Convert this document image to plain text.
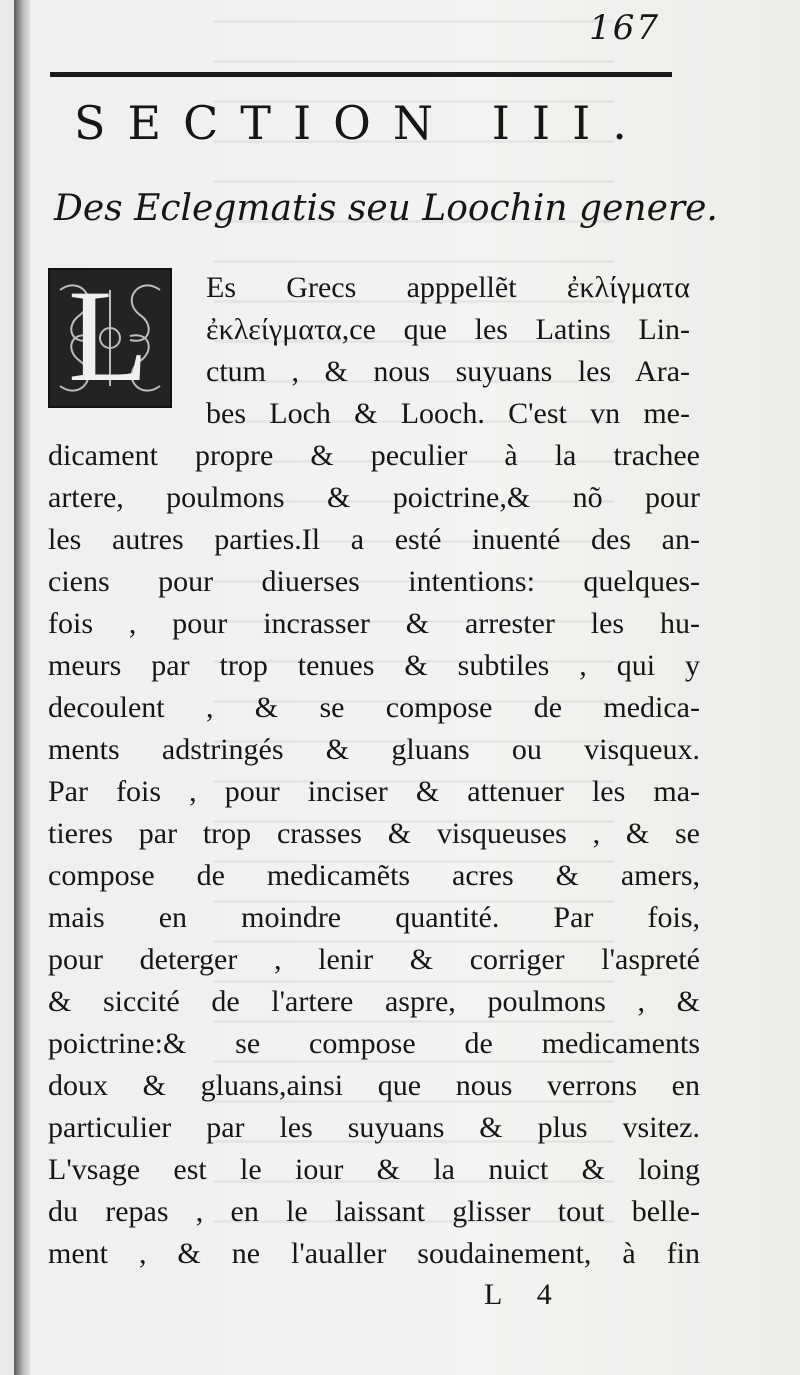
167
SECTION III.
Des Eclegmatis seu Loochin genere.
L Es Grecs apppellẽt ἐκλίγματα
ἐκλείγματα,ce que les Latins Lin-
ctum , & nous suyuans les Ara-
bes Loch & Looch. C'est vn me-
dicament propre & peculier à la trachee
artere, poulmons & poictrine,& nõ pour
les autres parties.Il a esté inuenté des an-
ciens pour diuerses intentions: quelques-
fois , pour incrasser & arrester les hu-
meurs par trop tenues & subtiles , qui y
decoulent , & se compose de medica-
ments adstringés & gluans ou visqueux.
Par fois , pour inciser & attenuer les ma-
tieres par trop crasses & visqueuses , & se
compose de medicamẽts acres & amers,
mais en moindre quantité. Par fois,
pour deterger , lenir & corriger l'aspreté
& siccité de l'artere aspre, poulmons , &
poictrine:& se compose de medicaments
doux & gluans,ainsi que nous verrons en
particulier par les suyuans & plus vsitez.
L'vsage est le iour & la nuict & loing
du repas , en le laissant glisser tout belle-
ment , & ne l'aualler soudainement, à fin
L 4
